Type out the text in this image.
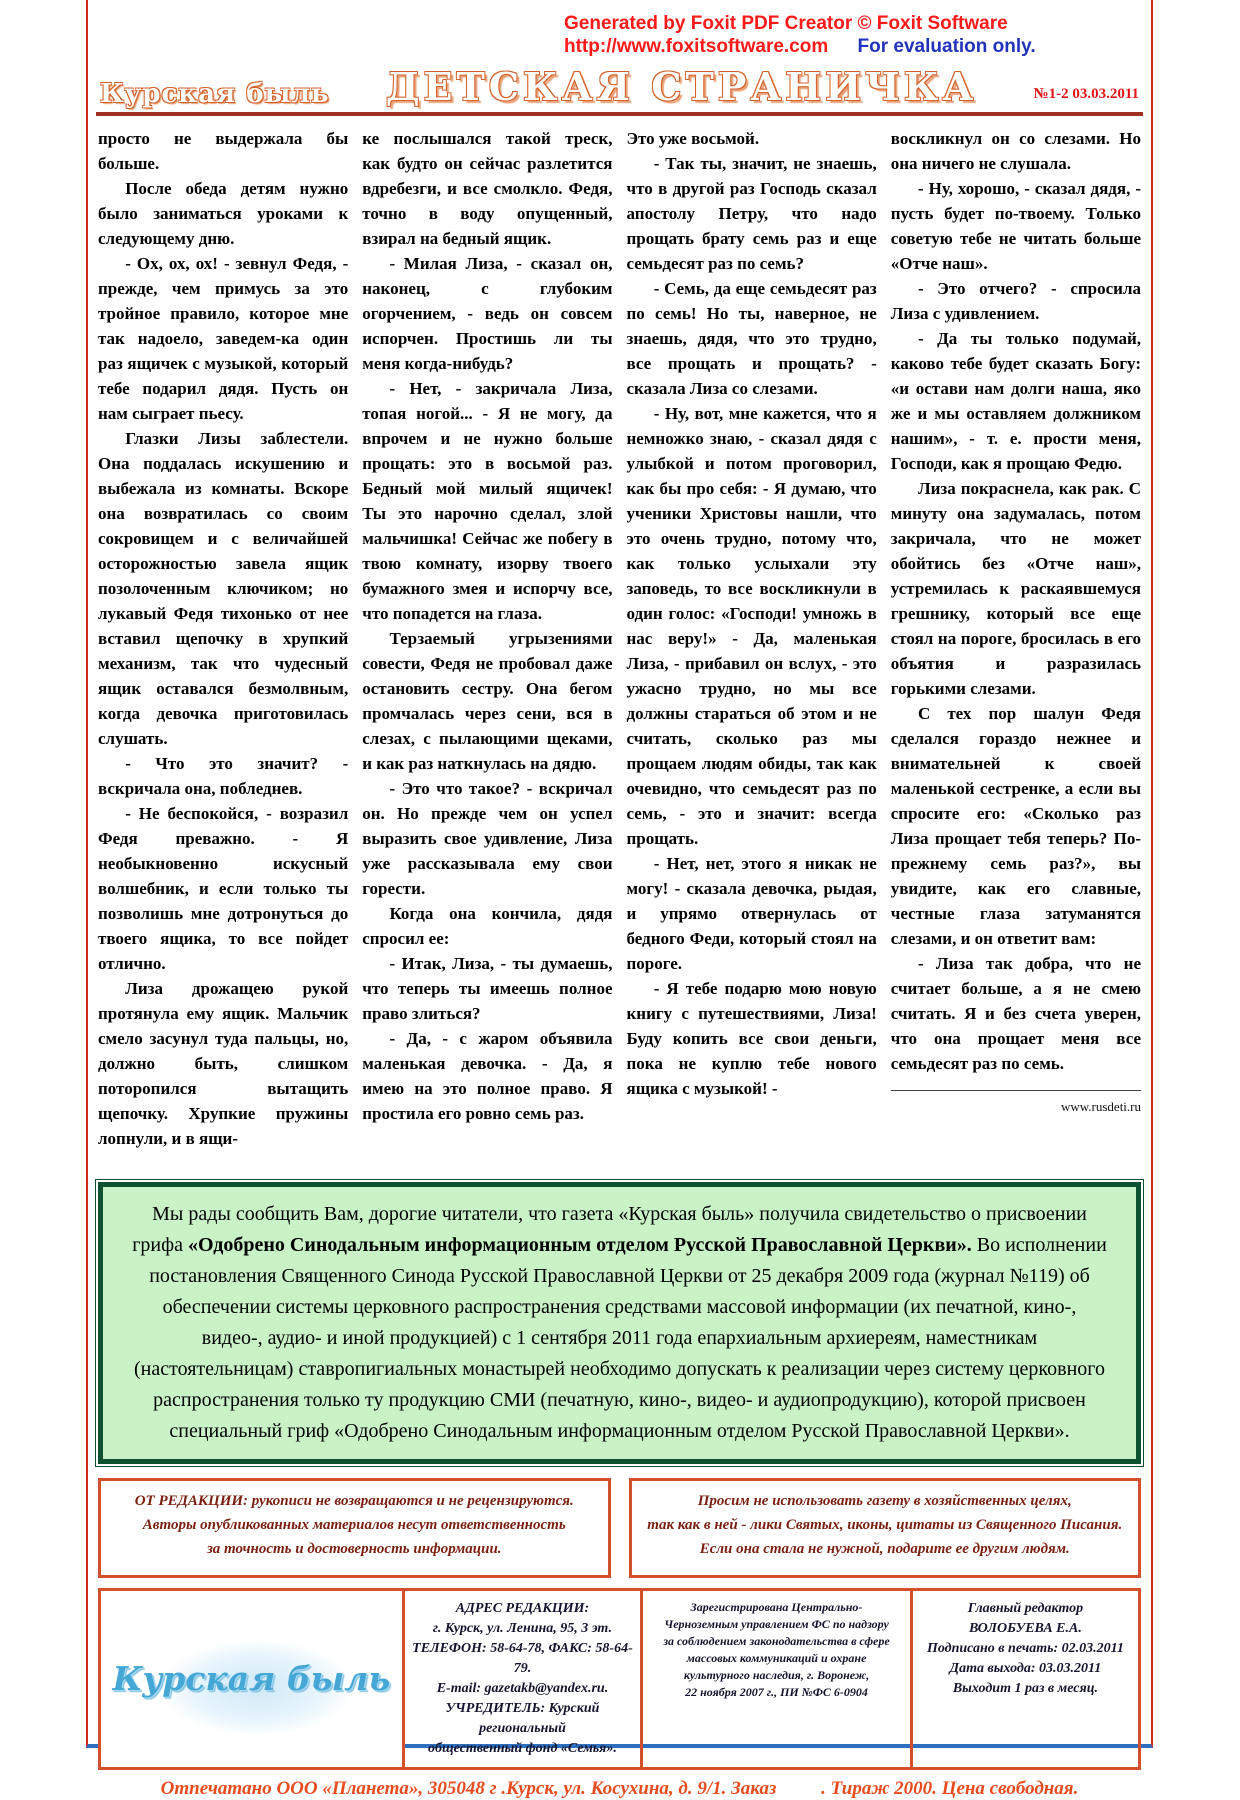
Generated by Foxit PDF Creator © Foxit Software
http://www.foxitsoftware.com For evaluation only.
Курская быль ДЕТСКАЯ СТРАНИЧКА	№1-2 03.03.2011

просто не выдержала бы больше.

После обеда детям нужно было заниматься уроками к следующему дню.

- Ох, ох, ох! - зевнул Федя, - прежде, чем примусь за это тройное правило, которое мне так надоело, заведем-ка один раз ящичек с музыкой, который тебе подарил дядя. Пусть он нам сыграет пьесу.

Глазки Лизы заблестели. Она поддалась искушению и выбежала из комнаты. Вскоре она возвратилась со своим сокровищем и с величайшей осторожностью завела ящик позолоченным ключиком; но лукавый Федя тихонько от нее вставил щепочку в хрупкий механизм, так что чудесный ящик оставался безмолвным, когда девочка приготовилась слушать.

- Что это значит? - вскричала она, побледнев.

- Не беспокойся, - возразил Федя преважно. - Я необыкновенно искусный волшебник, и если только ты позволишь мне дотронуться до твоего ящика, то все пойдет отлично.

Лиза дрожащею рукой протянула ему ящик. Мальчик смело засунул туда пальцы, но, должно быть, слишком поторопился вытащить щепочку. Хрупкие пружины лопнули, и в ящи-

ке послышался такой треск, как будто он сейчас разлетится вдребезги, и все смолкло. Федя, точно в воду опущенный, взирал на бедный ящик.

- Милая Лиза, - сказал он, наконец, с глубоким огорчением, - ведь он совсем испорчен. Простишь ли ты меня когда-нибудь?

- Нет, - закричала Лиза, топая ногой... - Я не могу, да впрочем и не нужно больше прощать: это в восьмой раз. Бедный мой милый ящичек! Ты это нарочно сделал, злой мальчишка! Сейчас же побегу в твою комнату, изорву твоего бумажного змея и испорчу все, что попадется на глаза.

Терзаемый угрызениями совести, Федя не пробовал даже остановить сестру. Она бегом промчалась через сени, вся в слезах, с пылающими щеками, и как раз наткнулась на дядю.

- Это что такое? - вскричал он. Но прежде чем он успел выразить свое удивление, Лиза уже рассказывала ему свои горести.

Когда она кончила, дядя спросил ее:

- Итак, Лиза, - ты думаешь, что теперь ты имеешь полное право злиться?

- Да, - с жаром объявила маленькая девочка. - Да, я имею на это полное право. Я простила его ровно семь раз.

Это уже восьмой.

- Так ты, значит, не знаешь, что в другой раз Господь сказал апостолу Петру, что надо прощать брату семь раз и еще семьдесят раз по семь?

- Семь, да еще семьдесят раз по семь! Но ты, наверное, не знаешь, дядя, что это трудно, все прощать и прощать? - сказала Лиза со слезами.

- Ну, вот, мне кажется, что я немножко знаю, - сказал дядя с улыбкой и потом проговорил, как бы про себя: - Я думаю, что ученики Христовы нашли, что это очень трудно, потому что, как только услыхали эту заповедь, то все воскликнули в один голос: «Господи! умножь в нас веру!» - Да, маленькая Лиза, - прибавил он вслух, - это ужасно трудно, но мы все должны стараться об этом и не считать, сколько раз мы прощаем людям обиды, так как очевидно, что семьдесят раз по семь, - это и значит: всегда прощать.

- Нет, нет, этого я никак не могу! - сказала девочка, рыдая, и упрямо отвернулась от бедного Феди, который стоял на пороге.

- Я тебе подарю мою новую книгу с путешествиями, Лиза! Буду копить все свои деньги, пока не куплю тебе нового ящика с музыкой! -

воскликнул он со слезами. Но она ничего не слушала.

- Ну, хорошо, - сказал дядя, - пусть будет по-твоему. Только советую тебе не читать больше «Отче наш».

- Это отчего? - спросила Лиза с удивлением.

- Да ты только подумай, каково тебе будет сказать Богу: «и остави нам долги наша, яко же и мы оставляем должником нашим», - т. е. прости меня, Господи, как я прощаю Федю.

Лиза покраснела, как рак. С минуту она задумалась, потом закричала, что не может обойтись без «Отче наш», устремилась к раскаявшемуся грешнику, который все еще стоял на пороге, бросилась в его объятия и разразилась горькими слезами.

С тех пор шалун Федя сделался гораздо нежнее и внимательней к своей маленькой сестренке, а если вы спросите его: «Сколько раз Лиза прощает тебя теперь? По-прежнему семь раз?», вы увидите, как его славные, честные глаза затуманятся слезами, и он ответит вам:

- Лиза так добра, что не считает больше, а я не смею считать. Я и без счета уверен, что она прощает меня все семьдесят раз по семь.

www.rusdeti.ru
Мы рады сообщить Вам, дорогие читатели, что газета «Курская быль» получила свидетельство о присвоении грифа «Одобрено Синодальным информационным отделом Русской Православной Церкви». Во исполнении постановления Священного Синода Русской Православной Церкви от 25 декабря 2009 года (журнал №119) об обеспечении системы церковного распространения средствами массовой информации (их печатной, кино-, видео-, аудио- и иной продукцией) с 1 сентября 2011 года епархиальным архиереям, наместникам (настоятельницам) ставропигиальных монастырей необходимо допускать к реализации через систему церковного распространения только ту продукцию СМИ (печатную, кино-, видео- и аудиопродукцию), которой присвоен специальный гриф «Одобрено Синодальным информационным отделом Русской Православной Церкви».
ОТ РЕДАКЦИИ: рукописи не возвращаются и не рецензируются.
Авторы опубликованных материалов несут ответственность
за точность и достоверность информации.
Просим не использовать газету в хозяйственных целях,
так как в ней - лики Святых, иконы, цитаты из Священного Писания.
Если она стала не нужной, подарите ее другим людям.
Курская быль
АДРЕС РЕДАКЦИИ:
г. Курск, ул. Ленина, 95, 3 эт.
ТЕЛЕФОН: 58-64-78, ФАКС: 58-64-79.
E-mail: gazetakb@yandex.ru.
УЧРЕДИТЕЛЬ: Курский региональный
общественный фонд «Семья».
Зарегистрирована Центрально-
Черноземным управлением ФС по надзору
за соблюдением законодательства в сфере
массовых коммуникаций и охране
культурного наследия, г. Воронеж,
22 ноября 2007 г., ПИ №ФС 6-0904
Главный редактор
ВОЛОБУЕВА Е.А.
Подписано в печать: 02.03.2011
Дата выхода: 03.03.2011
Выходит 1 раз в месяц.
Отпечатано ООО «Планета», 305048 г .Курск, ул. Косухина, д. 9/1. Заказ . Тираж 2000. Цена свободная.
